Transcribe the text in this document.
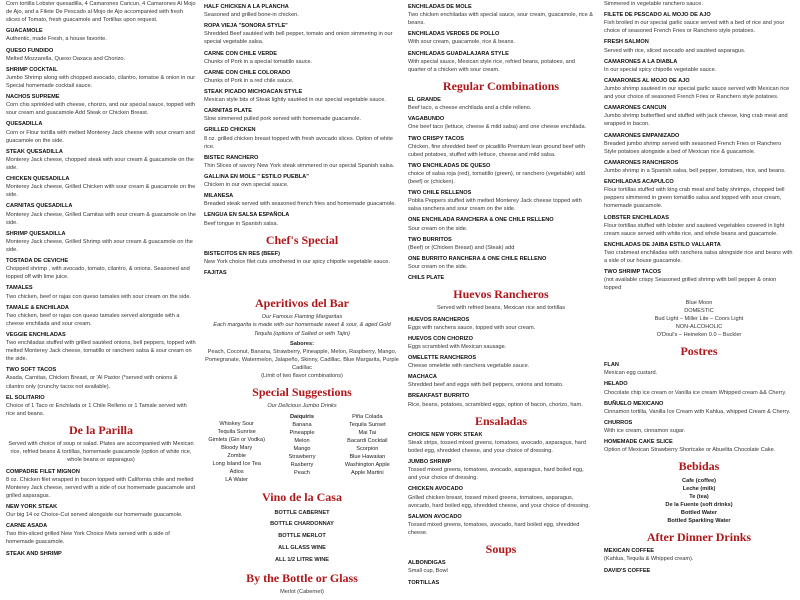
Corn tortilla Lobster quesadilla, 4 Camarones Cancun, 4 Camarones Al Mojo de Ajo, and a Filete De Pescado al Mojo de Ajo accompanied with fresh slices of Tomato, fresh guacamole and Tortillas upon request.
GUACAMOLE
Authentic, made Fresh, a house favorite.
QUESO FUNDIDO
Melted Mozzarella, Queso Oaxaca and Chorizo.
SHRIMP COCKTAIL
Jumbo Shrimp along with chopped avocado, cilantro, tomatoe & onion in our Special homemade cocktail sauce.
NACHOS SUPREME
Corn chis sprinkled with cheese, chorizo, and our special sauce, topped with sour cream and guacamole Add Steak or Chicken Breast.
QUESADILLA
Corn or Flour tortilla with melted Monterey Jack cheese with sour cream and guacamole on the side.
STEAK QUESADILLA
Monterey Jack cheese, chopped steak with sour cream & guacamole on the side.
CHICKEN QUESADILLA
Monterey Jack cheese, Grilled Chicken with sour cream & guacamole on the side.
CARNITAS QUESADILLA
Monterey Jack cheese, Grilled Carnitas with sour cream & guacamole on the side.
SHRIMP QUESADILLA
Monterey Jack cheese, Grilled Shrimp with sour cream & guacamole on the side.
TOSTADA DE CEVICHE
Chopped shrimp , with avocado, tomato, cilantro, & onions. Seasoned and topped off with lime juice.
TAMALES
Two chicken, beef or rajas con queso tamales with sour cream on the side.
TAMALE & ENCHILADA
Two chicken, beef or rajas con queso tamales served alongside with a cheese enchilada and sour cream.
VEGGIE ENCHILADAS
Two enchiladas stuffed with grilled sautéed onions, bell peppers, topped with melted Monterey Jack cheese, tomatillo or ranchero salsa & sour cream on the side.
TWO SOFT TACOS
Asada, Carnitas, Chicken Breast, or 'Al Pastor (*served with onions & cilantro only (crunchy tacos not available).
EL SOLITARIO
Choice of 1 Taco or Enchilada or 1 Chile Relleno or 1 Tamale served with rice and beans.
De la Parilla
Served with choice of soup or salad. Plates are accompanied with Mexican rice, refried beans & tortillas, homemade guacamole (option of white rice, whole beans or asparagus)
COMPADRE FILET MIGNON
8 oz. Chicken filet wrapped in bacon topped with California chile and melted Monterey Jack cheese, served with a side of our homemade guacamole and grilled asparagus.
NEW YORK STEAK
Our big 14 oz Choice-Cut served alongside our homemade guacamole.
CARNE ASADA
Two thin-sliced grilled New York Choice Mets served with a side of homemade guacamole.
STEAK AND SHRIMP
HALF CHICKEN A LA PLANCHA
Seasoned and grilled bone-in chicken.
ROPA VIEJA "SONORA STYLE"
Shredded Beef sautéed with bell pepper, tomato and onion simmering in our special vegetable salsa.
CARNE CON CHILE VERDE
Chunks of Pork in a special tomatillo sauce.
CARNE CON CHILE COLORADO
Chunks of Pork in a red chile sauce.
STEAK PICADO MICHOACAN STYLE
Mexican style bits of Steak lightly sautéed in our special vegetable sauce.
CARNITAS PLATE
Slow simmered pulled pork served with homemade guacamole.
GRILLED CHICKEN
8 oz. grilled chicken breast topped with fresh avocado slices. Option of white rice.
BISTEC RANCHERO
Thin Slices of savory New York steak simmered in our special Spanish salsa.
GALLINA EN MOLE " ESTILO PUEBLA"
Chicken in our own special sauce.
MILANESA
Breaded steak served with seasoned french fries and homemade guacamole.
LENGUA EN SALSA ESPAÑOLA
Beef tongue in Spanish salsa.
Chef's Special
BISTECITOS EN RES (BEEF)
New York choice filet cuts smothered in our spicy chipotle vegetable sauce.
FAJITAS
Aperitivos del Bar
Our Famous Flaming Margaritas
Each margarita is made with our homemade sweet & sour, & aged Gold
Tequila (options of Salted or with Tajin)
Sabores:
Peach, Coconut, Banana, Strawberry, Pineapple, Melon, Raspberry, Mango, Pomegranate, Watermelon, Jalapeño, Skinny, Cadillac, Blue Margarita, Purple Cadillac
(Limit of two flavor combinations)
Special Suggestions
Our Delicious Jumbo Drinks
Whiskey Sour
Tequila Sunrise
Gimlets (Gin or Vodka)
Bloody Mary
Zombie
Long Island Ice Tea
Adios
LA Water
Daiquiris
Banana
Pineapple
Melon
Mango
Strawberry
Rasberry
Peach
Piña Colada
Tequila Sunset
Mai Tai
Bacardi Cocktail
Scorpion
Blue Hawaiian
Washington Apple
Apple Martini
Vino de la Casa
BOTTLE CABERNET
BOTTLE CHARDONNAY
BOTTLE MERLOT
ALL GLASS WINE
ALL 1/2 LITRE WINE
By the Bottle or Glass
Merlot (Cabernet)
ENCHILADAS DE MOLE
Two chicken enchiladas with special sauce, sour cream, guacamole, rice & beans.
ENCHILADAS VERDES DE POLLO
With sour cream, guacamole, rice & beans.
ENCHILADAS GUADALAJARA STYLE
With special sauce, Mexican style rice, refried beans, potatoes, and quarter of a chicken with sour cream.
Regular Combinations
EL GRANDE
Beef taco, a cheese enchilada and a chile relleno.
VAGABUNDO
One beef taco (lettuce, cheese & mild salsa) and one cheese enchilada.
TWO CRISPY TACOS
Chicken, fine shredded beef or picadillo Premium lean ground beef with cubed potatoes, stuffed with lettuce, cheese and mild salsa.
TWO ENCHILADAS DE QUESO
choice of salsa roja (red), tomatillo (green), or ranchero (vegetable) add (beef) or (chicken).
TWO CHILE RELLENOS
Poblia Peppers stuffed with melted Monterey Jack cheese topped with salsa ranchera and sour cream on the side.
ONE ENCHILADA RANCHERA & ONE CHILE RELLENO
Sour cream on the side.
TWO BURRITOS
(Beef) or (Chicken Breast) and (Steak) add
ONE BURRITO RANCHERA & ONE CHILE RELLENO
Sour cream on the side.
CHILS PLATE
Huevos Rancheros
Served with refried beans, Mexican rice and tortillas
HUEVOS RANCHEROS
Eggs with ranchera sauce, topped with sour cream.
HUEVOS CON CHORIZO
Eggs scrambled with Mexican sausage.
OMELETTE RANCHEROS
Cheese omelette with ranchera vegetable sauce.
MACHACA
Shredded beef and eggs with bell peppers, onions and tomato.
BREAKFAST BURRITO
Rice, beans, potatoes, scrambled eggs, option of bacon, chorizo, ham.
Ensaladas
CHOICE NEW YORK STEAK
Steak strips, tossed mixed greens, tomatoes, avocado, asparagus, hard boiled egg, shredded cheese, and your choice of dressing.
JUMBO SHRIMP
Tossed mixed greens, tomatoes, avocado, asparagus, hard boiled egg, and your choice of dressing.
CHICKEN AVOCADO
Grilled chicken breast, tossed mixed greens, tomatoes, asparagus, avocado, hard boiled egg, shredded cheese, and your choice of dressing.
SALMON AVOCADO
Tossed mixed greens, tomatoes, avocado, hard boiled egg, shredded cheese.
Soups
ALBONDIGAS
Small cup, Bowl
TORTILLAS
Simmered in vegetable ranchero sauce.
FILETE DE PESCADO AL MOJO DE AJO
Fish broiled in our special garlic sauce served with a bed of rice and your choice of seasoned French Fries or Ranchero style potatoes.
FRESH SALMON
Served with rice, sliced avocado and sautéed asparagus.
CAMARONES A LA DIABLA
In our special spicy chipotle vegetable sauce.
CAMARONES AL MOJO DE AJO
Jumbo shrimp sauteed in our special garlic sauce served with Mexican rice and your choice of seasoned French Fries or Ranchero style potatoes.
CAMARONES CANCUN
Jumbo shrimp butterflied and stuffed with jack cheese, king crab meat and wrapped in bacon.
CAMARONES EMPANIZADO
Breaded jumbo shrimp served with seasoned French Fries or Ranchero Style potatoes alongside a bed of Mexican rice & guacamole.
CAMARONES RANCHEROS
Jumbo shrimp in a Spanish salsa, bell pepper, tomatoes, rice, and beans.
ENCHILADAS ACAPULCO
Flour tortillas stuffed with king crab meat and baby shrimps, chopped bell peppers simmered in green tomatillo salsa and topped with sour cream, homemade guacamole.
LOBSTER ENCHILADAS
Flour tortillas stuffed with lobster and sauteed vegetables covered in light cream sauce served with white rice, and whole beans and guacamole.
ENCHILADAS DE JAIBA ESTILO VALLARTA
Two crabmeat enchiladas with ranchera salsa alongside rice and beans with a side of our house guacamole.
TWO SHRIMP TACOS
(not available crispy Seasoned grilled shrimp with bell pepper & onion topped
Blue Moon
DOMESTIC
Bud Light – Miller Lite – Coors Light
NON-ALCOHOLIC
O'Doul's – Heineken 0.0 – Buckler
Postres
FLAN
Mexican egg custard.
HELADO
Chocolate chip ice cream or Vanilla ice cream Whipped cream && Cherry.
BUÑUELO MEXICANO
Cinnamon tortilla, Vanilla Ice Cream with Kahlua, whipped Cream & Cherry.
CHURROS
With ice cream, cinnamon sugar.
HOMEMADE CAKE SLICE
Option of Mexican Strawberry Shortcake or Abuelita Chocolate Cake.
Bebidas
Cafe (coffee)
Leche (milk)
Te (tea)
De la Fuente (soft drinks)
Bottled Water
Bottled Sparkling Water
After Dinner Drinks
MEXICAN COFFEE
(Kahlua, Tequila & Whipped cream).
DAVID'S COFFEE
